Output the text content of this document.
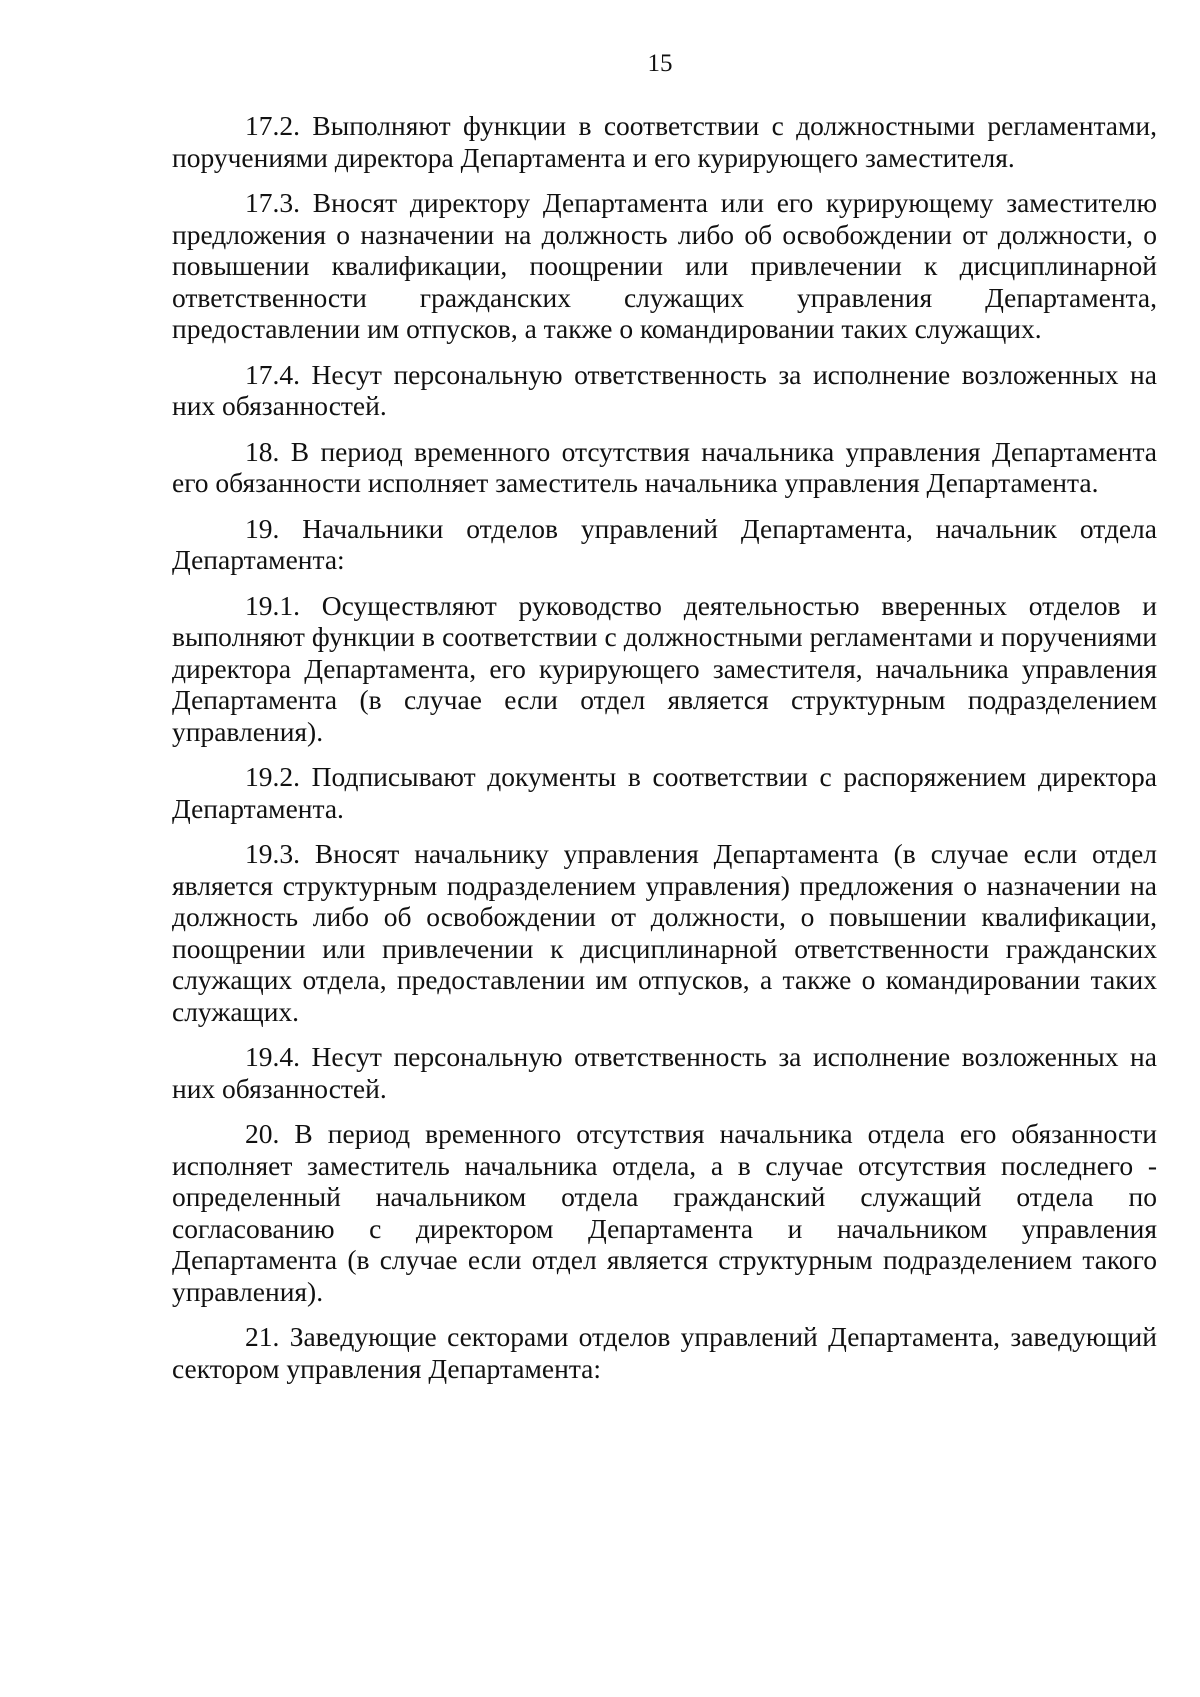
15

17.2. Выполняют функции в соответствии с должностными регламентами, поручениями директора Департамента и его курирующего заместителя.

17.3. Вносят директору Департамента или его курирующему заместителю предложения о назначении на должность либо об освобождении от должности, о повышении квалификации, поощрении или привлечении к дисциплинарной ответственности гражданских служащих управления Департамента, предоставлении им отпусков, а также о командировании таких служащих.

17.4. Несут персональную ответственность за исполнение возложенных на них обязанностей.

18. В период временного отсутствия начальника управления Департамента его обязанности исполняет заместитель начальника управления Департамента.

19. Начальники отделов управлений Департамента, начальник отдела Департамента:

19.1. Осуществляют руководство деятельностью вверенных отделов и выполняют функции в соответствии с должностными регламентами и поручениями директора Департамента, его курирующего заместителя, начальника управления Департамента (в случае если отдел является структурным подразделением управления).

19.2. Подписывают документы в соответствии с распоряжением директора Департамента.

19.3. Вносят начальнику управления Департамента (в случае если отдел является структурным подразделением управления) предложения о назначении на должность либо об освобождении от должности, о повышении квалификации, поощрении или привлечении к дисциплинарной ответственности гражданских служащих отдела, предоставлении им отпусков, а также о командировании таких служащих.

19.4. Несут персональную ответственность за исполнение возложенных на них обязанностей.

20. В период временного отсутствия начальника отдела его обязанности исполняет заместитель начальника отдела, а в случае отсутствия последнего - определенный начальником отдела гражданский служащий отдела по согласованию с директором Департамента и начальником управления Департамента (в случае если отдел является структурным подразделением такого управления).

21. Заведующие секторами отделов управлений Департамента, заведующий сектором управления Департамента:
